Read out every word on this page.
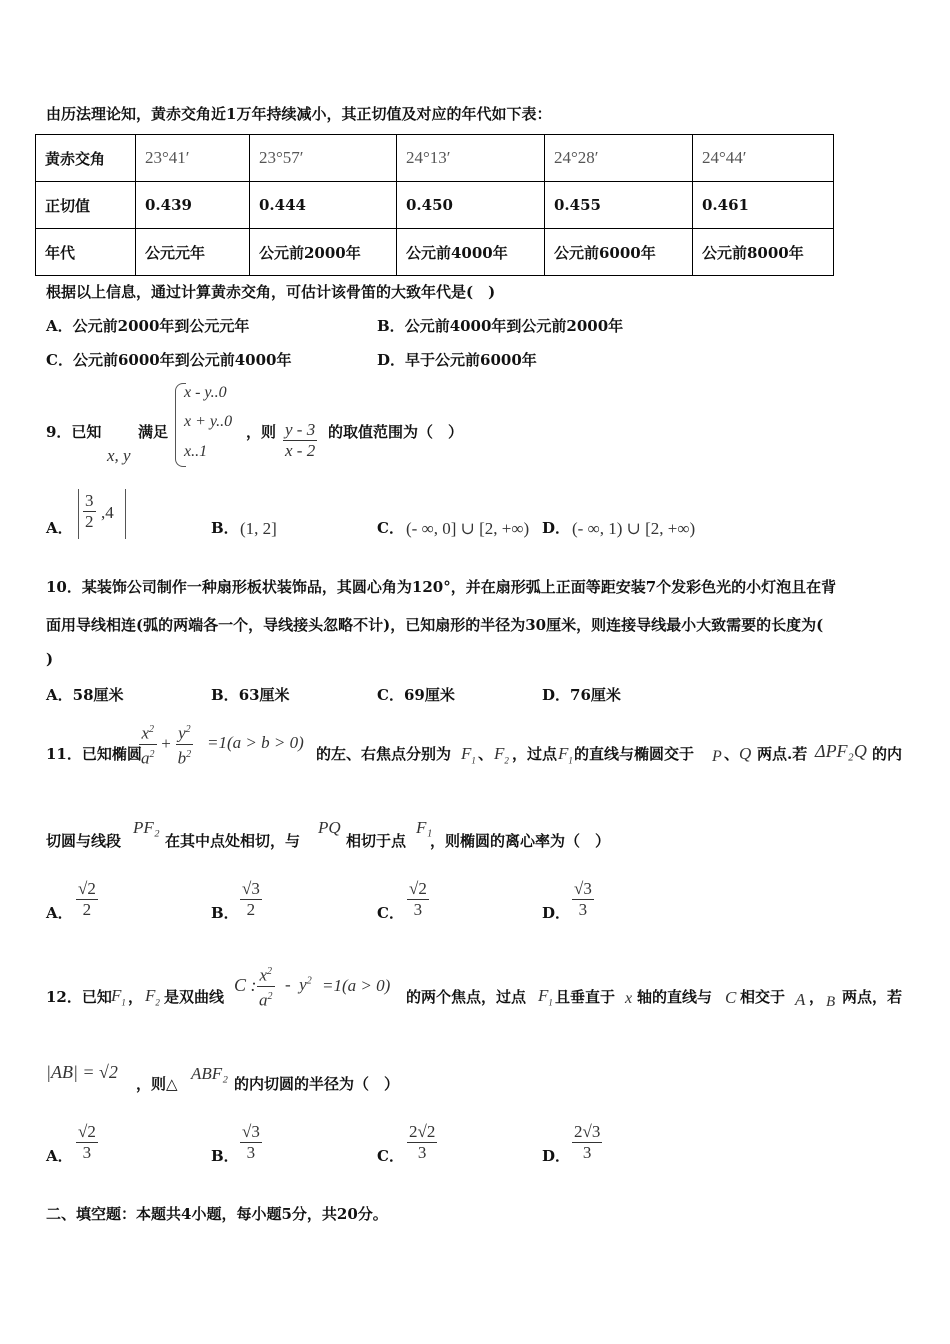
由历法理论知，黄赤交角近1万年持续减小，其正切值及对应的年代如下表：
黄赤交角	23°41′	23°57′	24°13′	24°28′	24°44′
正切值	0.439	0.444	0.450	0.455	0.461
年代	公元元年	公元前2000年	公元前4000年	公元前6000年	公元前8000年
根据以上信息，通过计算黄赤交角，可估计该骨笛的大致年代是(　)
A．公元前2000年到公元元年	B．公元前4000年到公元前2000年
C．公元前6000年到公元前4000年	D．早于公元前6000年
9．已知
x, y
满足
x - y..0
x + y..0
x..1
，则 $\frac{y - 3}{x - 2}$ 的取值范围为（　）
A． $\frac{3}{2} ,4$
B． (1, 2]	C． (- ∞, 0] ∪ [2, +∞) D． (- ∞, 1) ∪ [2, +∞)
10．某装饰公司制作一种扇形板状装饰品，其圆心角为120°，并在扇形弧上正面等距安装7个发彩色光的小灯泡且在背
面用导线相连(弧的两端各一个，导线接头忽略不计)，已知扇形的半径为30厘米，则连接导线最小大致需要的长度为(
)
A．58厘米	B．63厘米	C．69厘米	D．76厘米
11．已知椭圆
$\frac{x^2}{a^2} + \frac{y^2}{b^2} =1(a > b > 0)$
的左、右焦点分别为 $F_1$ 、 $F_2$ ，过点 $F_1$ 的直线与椭圆交于 P 、 Q 两点.若 ΔPF₂Q 的内
切圆与线段
PF₂
在其中点处相切，与
PQ
相切于点
F₁
，则椭圆的离心率为（　）
A． $\frac{√2}{2}$	B． $\frac{√3}{2}$	C． $\frac{√2}{3}$	D． $\frac{√3}{3}$
12．已知 $F_1$ ， $F_2$ 是双曲线
C : $\frac{x^2}{a^2} - y^2 =1(a > 0)$
的两个焦点，过点 $F_1$ 且垂直于 x 轴的直线与 C 相交于 A ， B 两点，若
|AB| = √2
，则△
ABF₂
的内切圆的半径为（　）
A． $\frac{√2}{3}$	B． $\frac{√3}{3}$	C． $\frac{2√2}{3}$	D． $\frac{2√3}{3}$
二、填空题：本题共4小题，每小题5分，共20分。
